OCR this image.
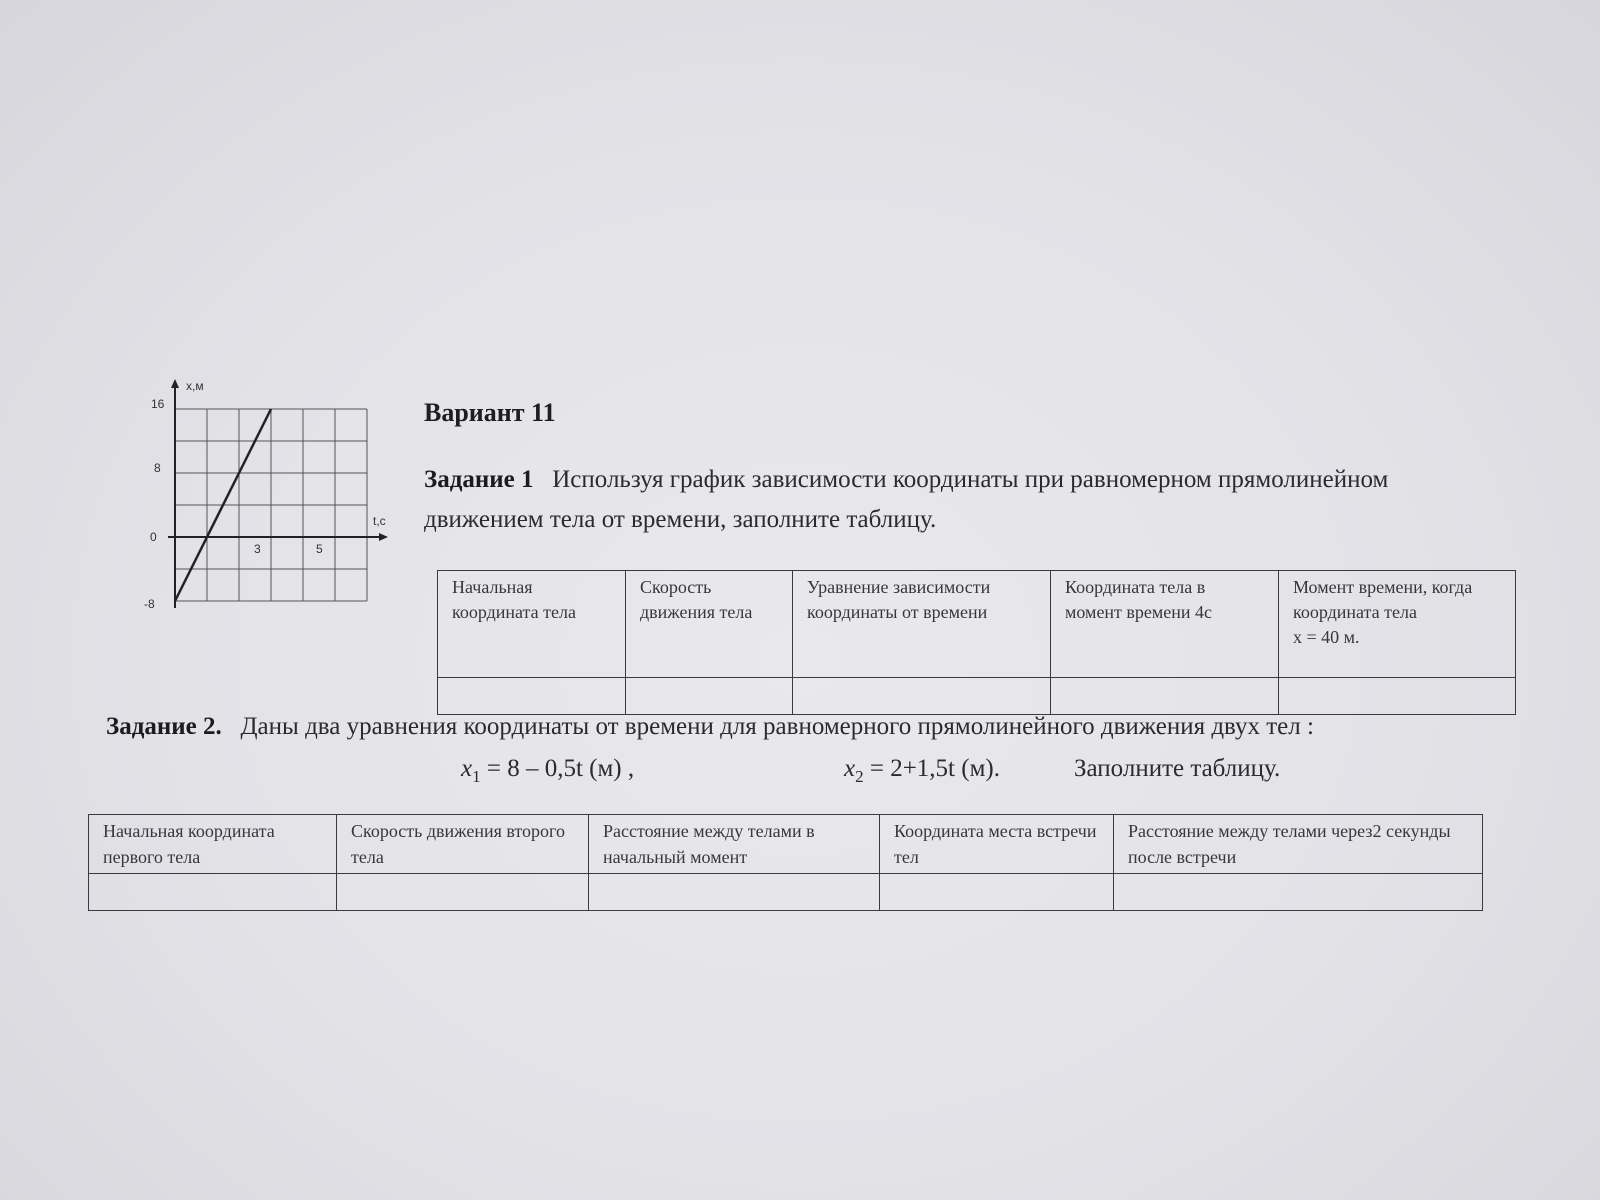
x,м
t,c
16
8
0
-8
3	5
Вариант 11
Задание 1 Используя график зависимости координаты при равномерном прямолинейном движением тела от времени, заполните таблицу.
Начальная координата тела	Скорость движения тела	Уравнение зависимости координаты от времени	Координата тела в момент времени 4с	Момент времени, когда координата тела
х = 40 м.

Задание 2. Даны два уравнения координаты от времени для равномерного прямолинейного движения двух тел :
$x_1 = 8 - 0,5t$ (м) ,	$x_2 = 2+1,5t$ (м).	Заполните таблицу.
Начальная координата первого тела	Скорость движения второго тела	Расстояние между телами в начальный момент	Координата места встречи тел	Расстояние между телами через2 секунды после встречи
